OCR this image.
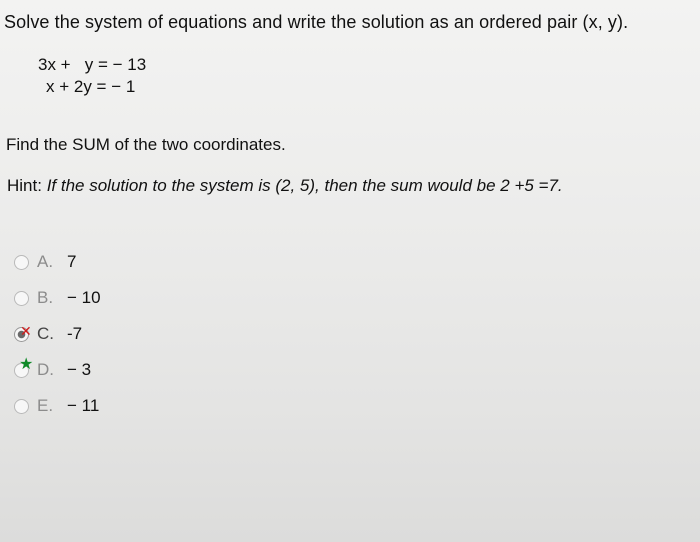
Solve the system of equations and write the solution as an ordered pair (x, y).
3x +   y = − 13
x + 2y = − 1
Find the SUM of the two coordinates.
Hint: If the solution to the system is (2, 5), then the sum would be 2 +5 =7.
A. 7
B. − 10
✕ C. -7
★ D. − 3
E. − 11
